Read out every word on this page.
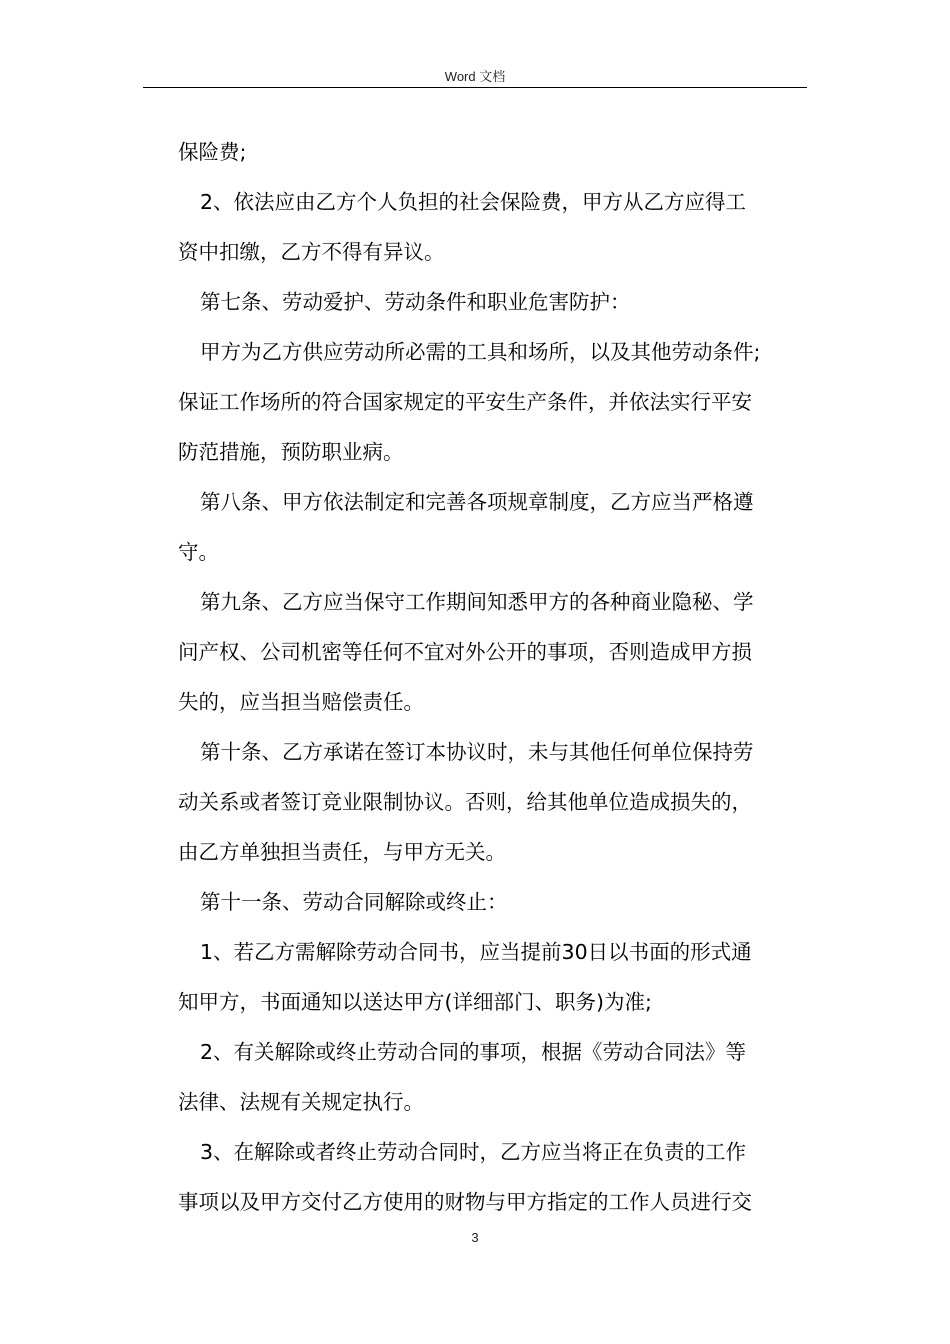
Word 文档
保险费;
2、依法应由乙方个人负担的社会保险费，甲方从乙方应得工
资中扣缴，乙方不得有异议。
第七条、劳动爱护、劳动条件和职业危害防护：
甲方为乙方供应劳动所必需的工具和场所，以及其他劳动条件;
保证工作场所的符合国家规定的平安生产条件，并依法实行平安
防范措施，预防职业病。
第八条、甲方依法制定和完善各项规章制度，乙方应当严格遵
守。
第九条、乙方应当保守工作期间知悉甲方的各种商业隐秘、学
问产权、公司机密等任何不宜对外公开的事项，否则造成甲方损
失的，应当担当赔偿责任。
第十条、乙方承诺在签订本协议时，未与其他任何单位保持劳
动关系或者签订竞业限制协议。否则，给其他单位造成损失的，
由乙方单独担当责任，与甲方无关。
第十一条、劳动合同解除或终止：
1、若乙方需解除劳动合同书，应当提前30日以书面的形式通
知甲方，书面通知以送达甲方(详细部门、职务)为准;
2、有关解除或终止劳动合同的事项，根据《劳动合同法》等
法律、法规有关规定执行。
3、在解除或者终止劳动合同时，乙方应当将正在负责的工作
事项以及甲方交付乙方使用的财物与甲方指定的工作人员进行交
3
